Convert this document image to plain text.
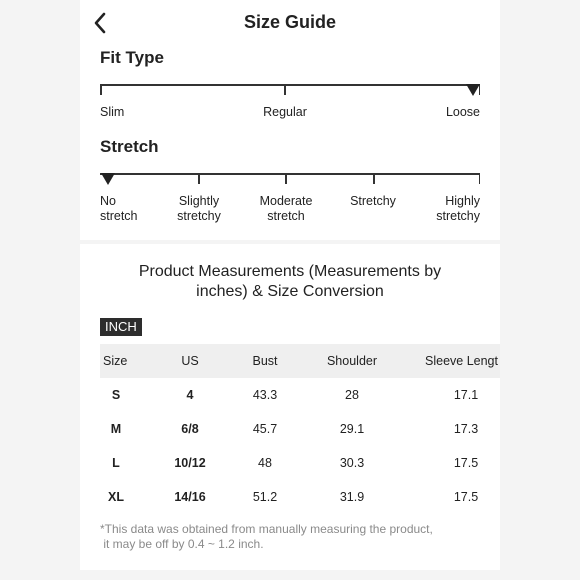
Size Guide
Fit Type
Slim	Regular	Loose
Stretch
No
stretch
Slightly
stretchy
Moderate
stretch
Stretchy	Highly
stretchy
Product Measurements (Measurements by
inches) & Size Conversion
INCH
Size	US	Bust	Shoulder	Sleeve Lengt
S	4	43.3	28	17.1
M	6/8	45.7	29.1	17.3
L	10/12	48	30.3	17.5
XL	14/16	51.2	31.9	17.5
*This data was obtained from manually measuring the product,
it may be off by 0.4 ~ 1.2 inch.
